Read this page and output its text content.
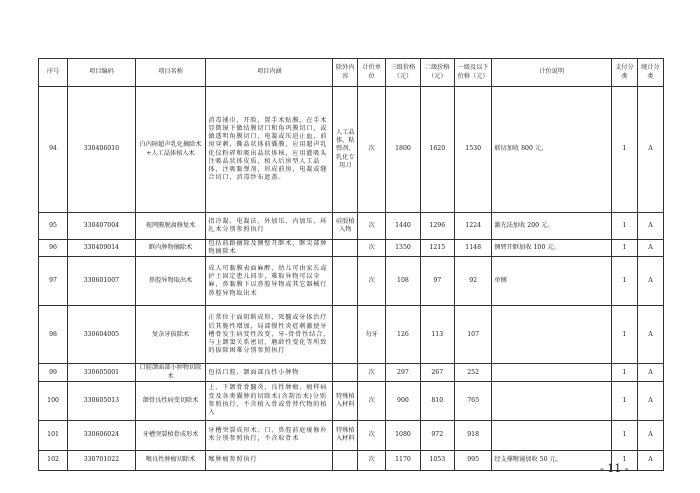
序号	项目编码	项目名称	项目内涵	除外内容	计价单位	三级价格（元）	二级价格（元）	一级及以下价格（元）	计价说明	支付分类	统计分类
94	330406010	白内障超声乳化摘除术+人工晶体植入术	消毒铺巾，开睑，置手术贴膜，在手术显微镜下做结膜切口和角巩膜切口，或做透明角膜切口，电凝或压迫止血，前房穿刺，撕晶状体前囊膜，应用超声乳化仪粉碎和吸出晶状体核，应用灌吸头注吸晶状体皮质，植入后房型人工晶体，注吸黏弹剂，形成前房，电凝或缝合切口，消毒纱布遮盖。	人工晶体、粘弹剂、乳化专用刀	次	1800	1620	1530	联切加收 800 元。	1	A
95	330407004	视网膜脱离修复术	指冷凝、电凝法、外加压、内加压、环扎术分别参照执行	硅胶植入物	次	1440	1296	1224	激光法加收 200 元。	1	A
96	330409014	眶内肿物摘除术	包括前路摘除及侧壁开眶术，眶尖部肿物摘除术		次	1350	1215	1148	侧臂开眶加收 100 元。	1	A
97	330601007	鼻腔异物取出术	成人可黏膜表面麻醉，幼儿可由家长或护士固定患儿同步，难取异物可以全麻，鼻黏膜下以鼻腔异物或其它器械行鼻腔异物取出术		次	108	97	92	单侧	1	A
98	330604005	复杂牙拔除术	正常位于面阻断成形，死髓或牙体治疗后其脆性增加，局部慢性炎症刺激使牙槽骨发生病变性改变，牙-骨骨性结合，与上颌窦关系密切，磨龄性变化等所致的拔除困难分别参照执行		每牙	126	113	107		1	A
99	330605001	口腔颌面部小肿物切除术	包括口腔、颌面部良性小肿物		次	297	267	252		1	A
100	330605013	颌骨良性病变切除术	上、下颌骨骨髓炎、良性肿瘤、瘤样病变及各类囊肿的切除术(含刮治术)分别参照执行，不含植入骨或骨替代物的植入	特殊植入材料	次	900	810	765		1	A
101	330606024	牙槽突裂植骨成形术	牙槽突裂成形术、口、鼻腔前庭瘘修补术分别参照执行，不含取骨术	特殊植入材料	次	1080	972	918		1	A
102	330701022	喉良性肿瘤切除术	喉肿瘤参照执行		次	1170	1053	995	经支撑喉镜加收 50 元。	1	A
- 11 -
